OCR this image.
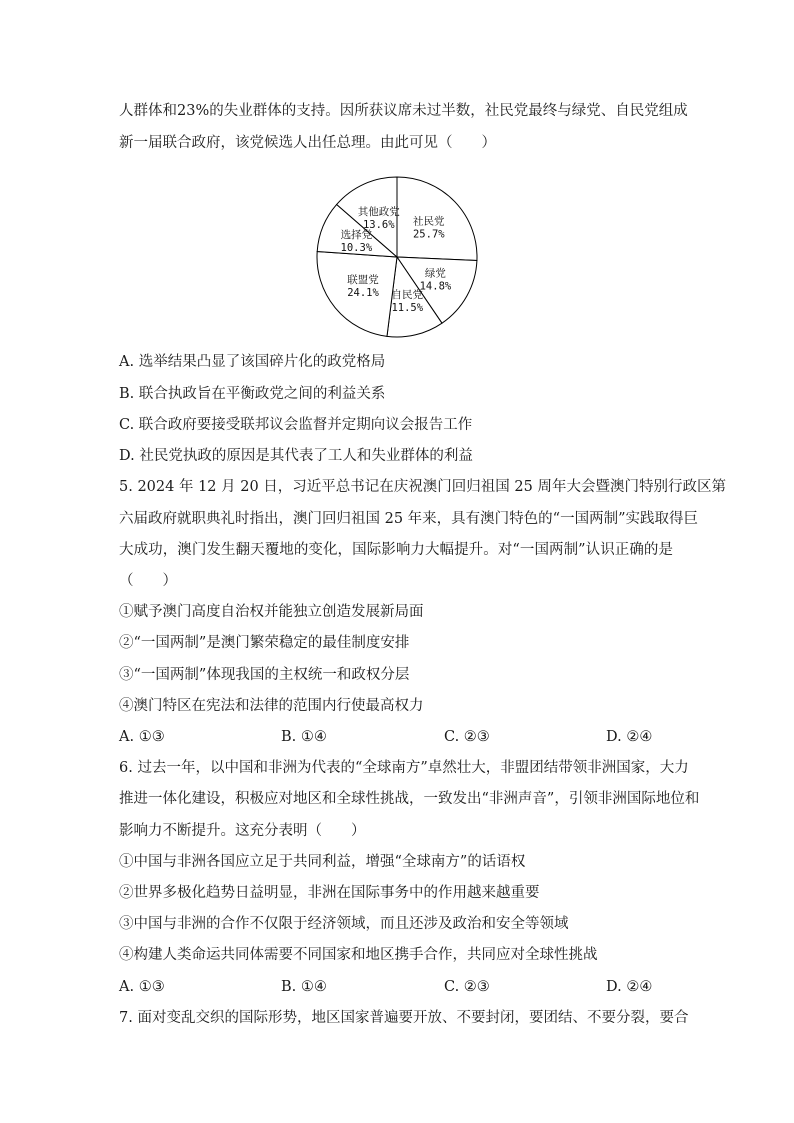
人群体和23%的失业群体的支持。因所获议席未过半数，社民党最终与绿党、自民党组成
新一届联合政府，该党候选人出任总理。由此可见（　　）
社民党
25.7%
绿党
14.8%
自民党
11.5%
联盟党
24.1%
选择党
10.3%
其他政党
13.6%
A. 选举结果凸显了该国碎片化的政党格局
B. 联合执政旨在平衡政党之间的利益关系
C. 联合政府要接受联邦议会监督并定期向议会报告工作
D. 社民党执政的原因是其代表了工人和失业群体的利益
5. 2024 年 12 月 20 日，习近平总书记在庆祝澳门回归祖国 25 周年大会暨澳门特别行政区第
六届政府就职典礼时指出，澳门回归祖国 25 年来，具有澳门特色的“一国两制”实践取得巨
大成功，澳门发生翻天覆地的变化，国际影响力大幅提升。对“一国两制”认识正确的是
（　　）
①赋予澳门高度自治权并能独立创造发展新局面
②“一国两制”是澳门繁荣稳定的最佳制度安排
③“一国两制”体现我国的主权统一和政权分层
④澳门特区在宪法和法律的范围内行使最高权力
A. ①③	B. ①④	C. ②③	D. ②④
6. 过去一年，以中国和非洲为代表的“全球南方”卓然壮大，非盟团结带领非洲国家，大力
推进一体化建设，积极应对地区和全球性挑战，一致发出“非洲声音”，引领非洲国际地位和
影响力不断提升。这充分表明（　　）
①中国与非洲各国应立足于共同利益，增强“全球南方”的话语权
②世界多极化趋势日益明显，非洲在国际事务中的作用越来越重要
③中国与非洲的合作不仅限于经济领域，而且还涉及政治和安全等领域
④构建人类命运共同体需要不同国家和地区携手合作，共同应对全球性挑战
A. ①③	B. ①④	C. ②③	D. ②④
7. 面对变乱交织的国际形势，地区国家普遍要开放、不要封闭，要团结、不要分裂，要合
